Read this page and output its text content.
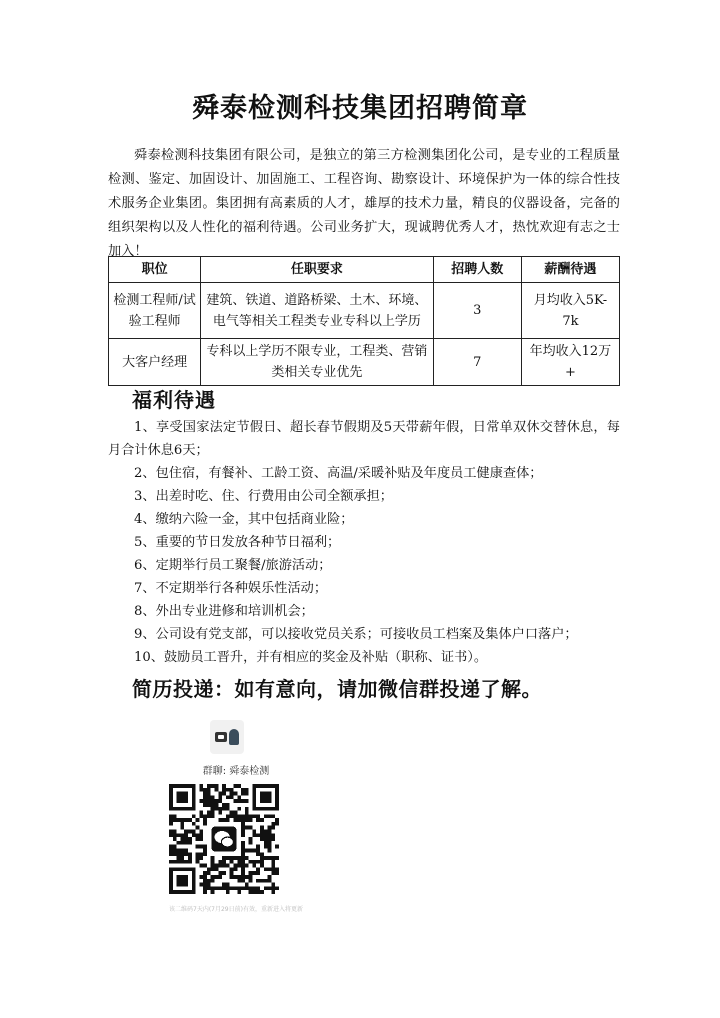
舜泰检测科技集团招聘简章

舜泰检测科技集团有限公司，是独立的第三方检测集团化公司，是专业的工程质量检测、鉴定、加固设计、加固施工、工程咨询、勘察设计、环境保护为一体的综合性技术服务企业集团。集团拥有高素质的人才，雄厚的技术力量，精良的仪器设备，完备的组织架构以及人性化的福利待遇。公司业务扩大，现诚聘优秀人才，热忱欢迎有志之士加入！

职位	任职要求	招聘人数	薪酬待遇
检测工程师/试验工程师	建筑、铁道、道路桥梁、土木、环境、电气等相关工程类专业专科以上学历	3	月均收入5K-7k
大客户经理	专科以上学历不限专业，工程类、营销类相关专业优先	7	年均收入12万+
福利待遇
1、享受国家法定节假日、超长春节假期及5天带薪年假，日常单双休交替休息，每月合计休息6天；
2、包住宿，有餐补、工龄工资、高温/采暖补贴及年度员工健康查体；
3、出差时吃、住、行费用由公司全额承担；
4、缴纳六险一金，其中包括商业险；
5、重要的节日发放各种节日福利；
6、定期举行员工聚餐/旅游活动；
7、不定期举行各种娱乐性活动；
8、外出专业进修和培训机会；
9、公司设有党支部，可以接收党员关系；可接收员工档案及集体户口落户；
10、鼓励员工晋升，并有相应的奖金及补贴（职称、证书）。

简历投递：如有意向，请加微信群投递了解。

群聊: 舜泰检测
该二维码7天内(7月29日前)有效，重新进入将更新
